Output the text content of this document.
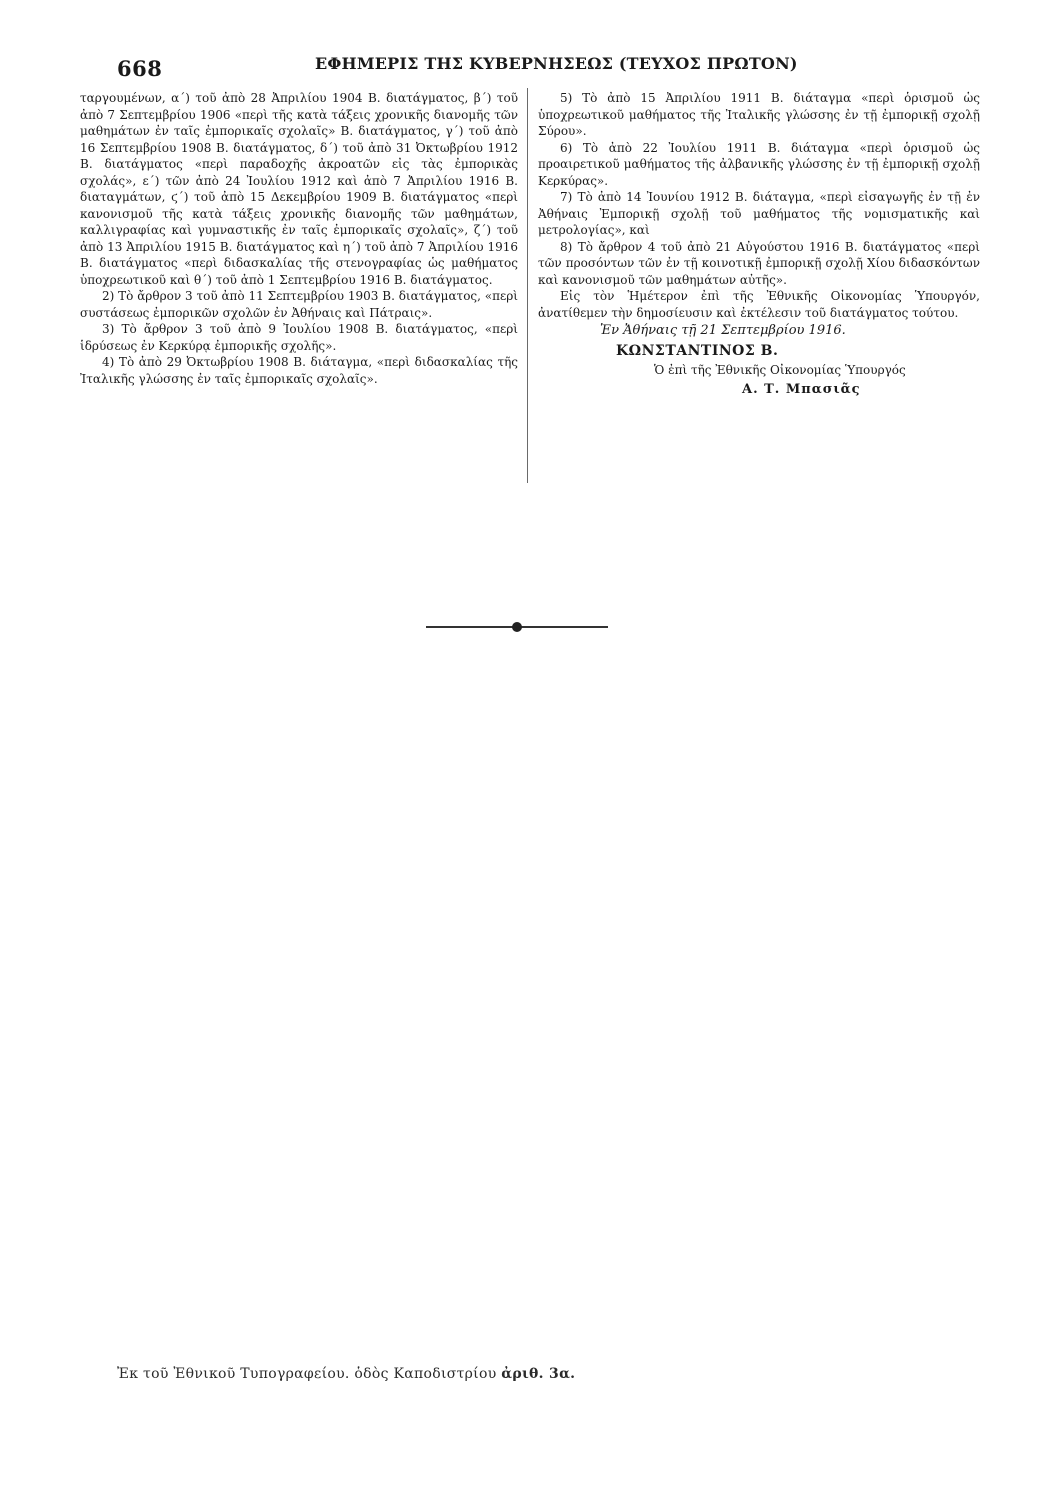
668	ΕΦΗΜΕΡΙΣ ΤΗΣ ΚΥΒΕΡΝΗΣΕΩΣ (ΤΕΥΧΟΣ ΠΡΩΤΟΝ)

ταργουμένων, α΄) τοῦ ἀπὸ 28 Ἀπριλίου 1904 Β. διατάγματος, β΄) τοῦ ἀπὸ 7 Σεπτεμβρίου 1906 «περὶ τῆς κατὰ τάξεις χρονικῆς διανομῆς τῶν μαθημάτων ἐν ταῖς ἐμπορικαῖς σχολαῖς» Β. διατάγματος, γ΄) τοῦ ἀπὸ 16 Σεπτεμβρίου 1908 Β. διατάγματος, δ΄) τοῦ ἀπὸ 31 Ὀκτωβρίου 1912 Β. διατάγματος «περὶ παραδοχῆς ἀκροατῶν εἰς τὰς ἐμπορικὰς σχολάς», ε΄) τῶν ἀπὸ 24 Ἰουλίου 1912 καὶ ἀπὸ 7 Ἀπριλίου 1916 Β. διαταγμάτων, ϛ΄) τοῦ ἀπὸ 15 Δεκεμβρίου 1909 Β. διατάγματος «περὶ κανονισμοῦ τῆς κατὰ τάξεις χρονικῆς διανομῆς τῶν μαθημάτων, καλλιγραφίας καὶ γυμναστικῆς ἐν ταῖς ἐμπορικαῖς σχολαῖς», ζ΄) τοῦ ἀπὸ 13 Ἀπριλίου 1915 Β. διατάγματος καὶ η΄) τοῦ ἀπὸ 7 Ἀπριλίου 1916 Β. διατάγματος «περὶ διδασκαλίας τῆς στενογραφίας ὡς μαθήματος ὑποχρεωτικοῦ καὶ θ΄) τοῦ ἀπὸ 1 Σεπτεμβρίου 1916 Β. διατάγματος.

2) Τὸ ἄρθρον 3 τοῦ ἀπὸ 11 Σεπτεμβρίου 1903 Β. διατάγματος, «περὶ συστάσεως ἐμπορικῶν σχολῶν ἐν Ἀθήναις καὶ Πάτραις».

3) Τὸ ἄρθρον 3 τοῦ ἀπὸ 9 Ἰουλίου 1908 Β. διατάγματος, «περὶ ἱδρύσεως ἐν Κερκύρᾳ ἐμπορικῆς σχολῆς».

4) Τὸ ἀπὸ 29 Ὀκτωβρίου 1908 Β. διάταγμα, «περὶ διδασκαλίας τῆς Ἰταλικῆς γλώσσης ἐν ταῖς ἐμπορικαῖς σχολαῖς».

5) Τὸ ἀπὸ 15 Ἀπριλίου 1911 Β. διάταγμα «περὶ ὁρισμοῦ ὡς ὑποχρεωτικοῦ μαθήματος τῆς Ἰταλικῆς γλώσσης ἐν τῇ ἐμπορικῇ σχολῇ Σύρου».

6) Τὸ ἀπὸ 22 Ἰουλίου 1911 Β. διάταγμα «περὶ ὁρισμοῦ ὡς προαιρετικοῦ μαθήματος τῆς ἀλβανικῆς γλώσσης ἐν τῇ ἐμπορικῇ σχολῇ Κερκύρας».

7) Τὸ ἀπὸ 14 Ἰουνίου 1912 Β. διάταγμα, «περὶ εἰσαγωγῆς ἐν τῇ ἐν Ἀθήναις Ἐμπορικῇ σχολῇ τοῦ μαθήματος τῆς νομισματικῆς καὶ μετρολογίας», καὶ

8) Τὸ ἄρθρον 4 τοῦ ἀπὸ 21 Αὐγούστου 1916 Β. διατάγματος «περὶ τῶν προσόντων τῶν ἐν τῇ κοινοτικῇ ἐμπορικῇ σχολῇ Χίου διδασκόντων καὶ κανονισμοῦ τῶν μαθημάτων αὐτῆς».

Εἰς τὸν Ἡμέτερον ἐπὶ τῆς Ἐθνικῆς Οἰκονομίας Ὑπουργόν, ἀνατίθεμεν τὴν δημοσίευσιν καὶ ἐκτέλεσιν τοῦ διατάγματος τούτου.

Ἐν Ἀθήναις τῇ 21 Σεπτεμβρίου 1916.

ΚΩΝΣΤΑΝΤΙΝΟΣ Β.

Ὁ ἐπὶ τῆς Ἐθνικῆς Οἰκονομίας Ὑπουργός

Α. Τ. Μπασιᾶς

Ἐκ τοῦ Ἐθνικοῦ Τυπογραφείου. ὁδὸς Καποδιστρίου ἀριθ. 3α.
